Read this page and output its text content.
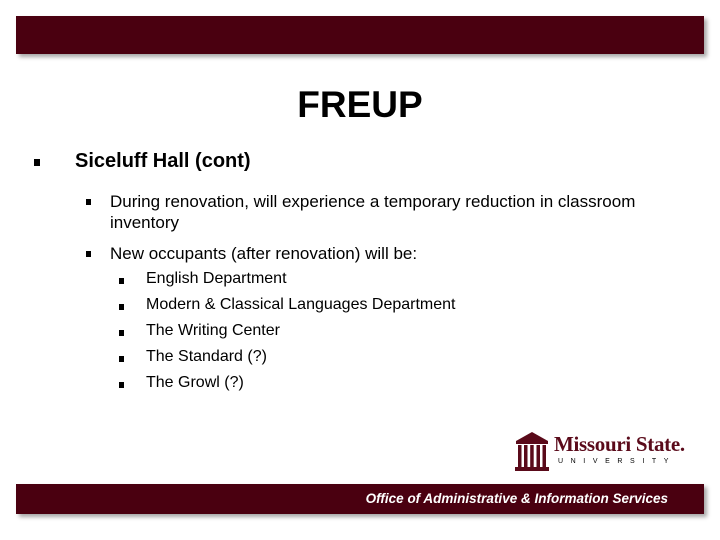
FREUP
Siceluff Hall (cont)
During renovation, will experience a temporary reduction in classroom inventory
New occupants (after renovation) will be:
English Department
Modern & Classical Languages Department
The Writing Center
The Standard (?)
The Growl (?)
Missouri State.
UNIVERSITY
Office of Administrative & Information Services
